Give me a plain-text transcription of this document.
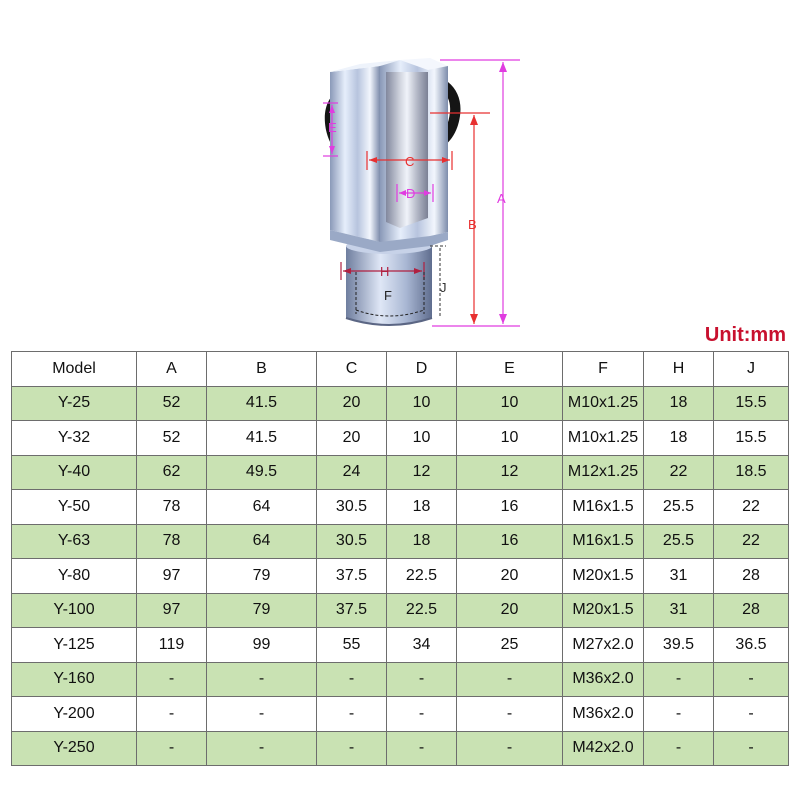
A
B
C
D
E
H
J
F
Unit:mm
Model	A	B	C	D	E	F	H	J
Y-25	52	41.5	20	10	10	M10x1.25	18	15.5
Y-32	52	41.5	20	10	10	M10x1.25	18	15.5
Y-40	62	49.5	24	12	12	M12x1.25	22	18.5
Y-50	78	64	30.5	18	16	M16x1.5	25.5	22
Y-63	78	64	30.5	18	16	M16x1.5	25.5	22
Y-80	97	79	37.5	22.5	20	M20x1.5	31	28
Y-100	97	79	37.5	22.5	20	M20x1.5	31	28
Y-125	119	99	55	34	25	M27x2.0	39.5	36.5
Y-160	-	-	-	-	-	M36x2.0	-	-
Y-200	-	-	-	-	-	M36x2.0	-	-
Y-250	-	-	-	-	-	M42x2.0	-	-
